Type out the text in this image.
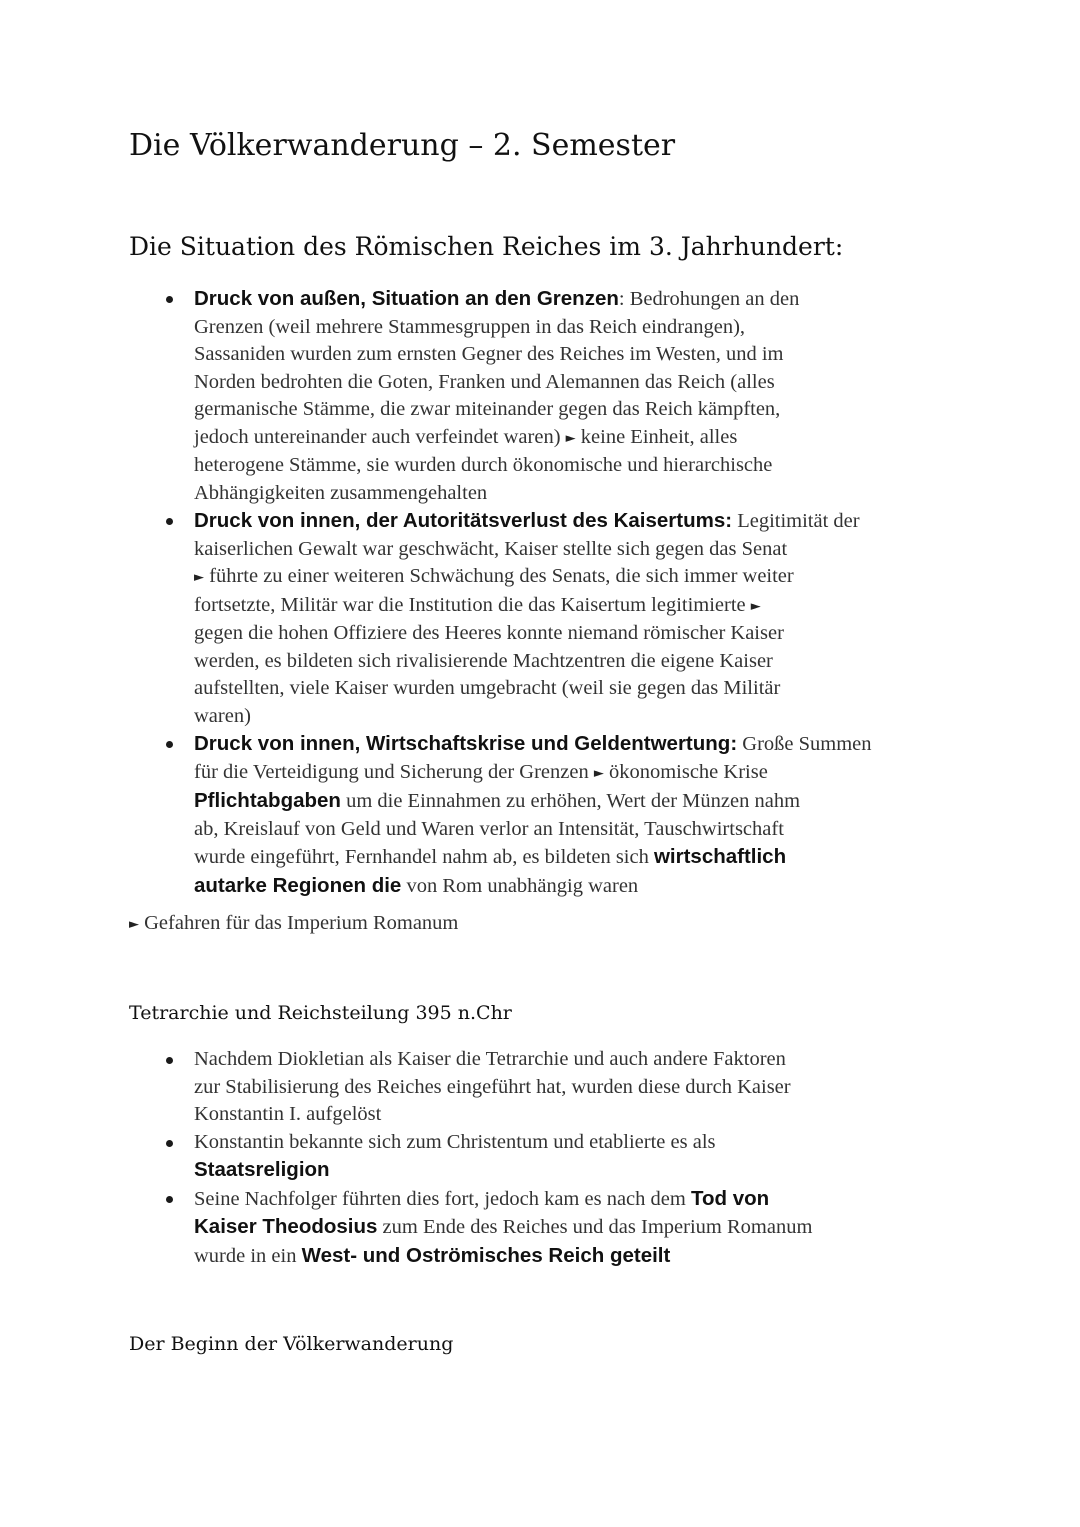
Die Völkerwanderung – 2. Semester
Die Situation des Römischen Reiches im 3. Jahrhundert:
Druck von außen, Situation an den Grenzen: Bedrohungen an den
Grenzen (weil mehrere Stammesgruppen in das Reich eindrangen),
Sassaniden wurden zum ernsten Gegner des Reiches im Westen, und im
Norden bedrohten die Goten, Franken und Alemannen das Reich (alles
germanische Stämme, die zwar miteinander gegen das Reich kämpften,
jedoch untereinander auch verfeindet waren) ► keine Einheit, alles
heterogene Stämme, sie wurden durch ökonomische und hierarchische
Abhängigkeiten zusammengehalten
Druck von innen, der Autoritätsverlust des Kaisertums: Legitimität der
kaiserlichen Gewalt war geschwächt, Kaiser stellte sich gegen das Senat
► führte zu einer weiteren Schwächung des Senats, die sich immer weiter
fortsetzte, Militär war die Institution die das Kaisertum legitimierte ►
gegen die hohen Offiziere des Heeres konnte niemand römischer Kaiser
werden, es bildeten sich rivalisierende Machtzentren die eigene Kaiser
aufstellten, viele Kaiser wurden umgebracht (weil sie gegen das Militär
waren)
Druck von innen, Wirtschaftskrise und Geldentwertung: Große Summen
für die Verteidigung und Sicherung der Grenzen ► ökonomische Krise
Pflichtabgaben um die Einnahmen zu erhöhen, Wert der Münzen nahm
ab, Kreislauf von Geld und Waren verlor an Intensität, Tauschwirtschaft
wurde eingeführt, Fernhandel nahm ab, es bildeten sich wirtschaftlich
autarke Regionen die von Rom unabhängig waren

► Gefahren für das Imperium Romanum

Tetrarchie und Reichsteilung 395 n.Chr
Nachdem Diokletian als Kaiser die Tetrarchie und auch andere Faktoren
zur Stabilisierung des Reiches eingeführt hat, wurden diese durch Kaiser
Konstantin I. aufgelöst
Konstantin bekannte sich zum Christentum und etablierte es als
Staatsreligion
Seine Nachfolger führten dies fort, jedoch kam es nach dem Tod von
Kaiser Theodosius zum Ende des Reiches und das Imperium Romanum
wurde in ein West- und Oströmisches Reich geteilt
Der Beginn der Völkerwanderung
